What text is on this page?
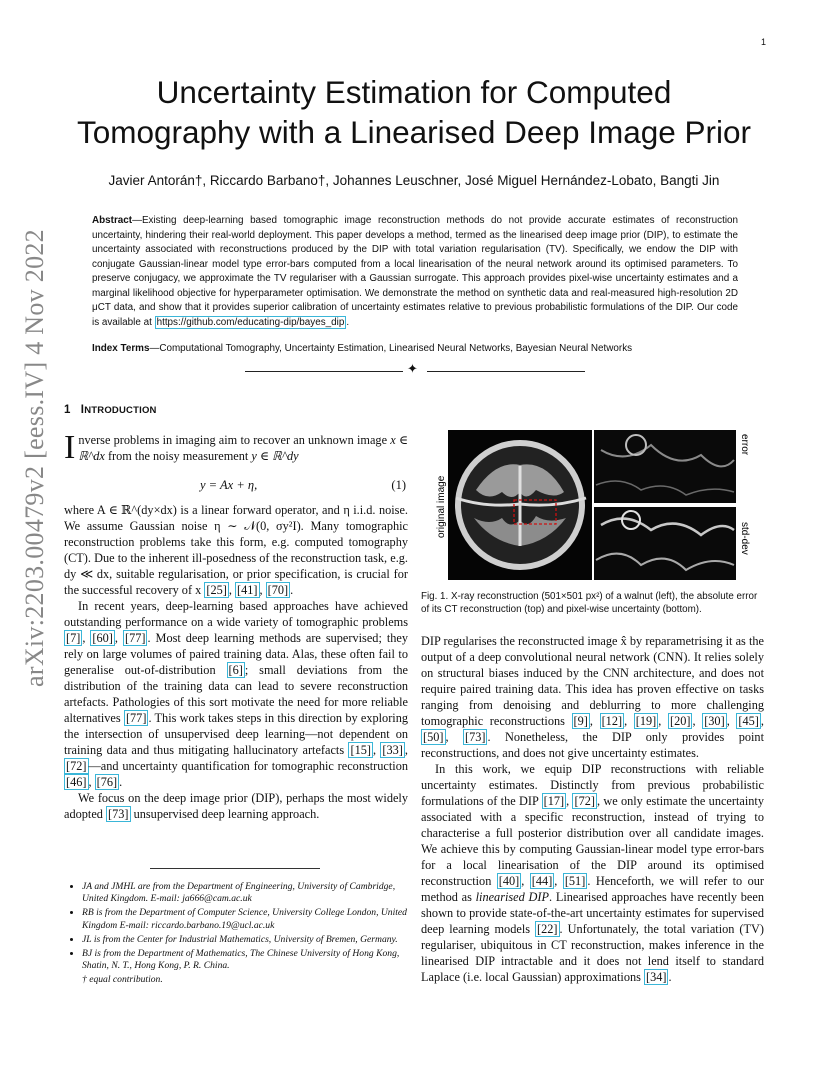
1
arXiv:2203.00479v2 [eess.IV] 4 Nov 2022
Uncertainty Estimation for Computed
Tomography with a Linearised Deep Image Prior
Javier Antorán†, Riccardo Barbano†, Johannes Leuschner, José Miguel Hernández-Lobato, Bangti Jin
Abstract—Existing deep-learning based tomographic image reconstruction methods do not provide accurate estimates of reconstruction uncertainty, hindering their real-world deployment. This paper develops a method, termed as the linearised deep image prior (DIP), to estimate the uncertainty associated with reconstructions produced by the DIP with total variation regularisation (TV). Specifically, we endow the DIP with conjugate Gaussian-linear model type error-bars computed from a local linearisation of the neural network around its optimised parameters. To preserve conjugacy, we approximate the TV regulariser with a Gaussian surrogate. This approach provides pixel-wise uncertainty estimates and a marginal likelihood objective for hyperparameter optimisation. We demonstrate the method on synthetic data and real-measured high-resolution 2D μCT data, and show that it provides superior calibration of uncertainty estimates relative to previous probabilistic formulations of the DIP. Our code is available at https://github.com/educating-dip/bayes_dip .
Index Terms—Computational Tomography, Uncertainty Estimation, Linearised Neural Networks, Bayesian Neural Networks
✦
1 INTRODUCTION

Inverse problems in imaging aim to recover an unknown image x ∈ ℝ^dx from the noisy measurement y ∈ ℝ^dy

y = Ax + η,	(1)

where A ∈ ℝ^(dy×dx) is a linear forward operator, and η i.i.d. noise. We assume Gaussian noise η ∼ 𝒩(0, σy²I). Many tomographic reconstruction problems take this form, e.g. computed tomography (CT). Due to the inherent ill-posedness of the reconstruction task, e.g. dy ≪ dx, suitable regularisation, or prior specification, is crucial for the successful recovery of x [25] , [41] , [70] .

In recent years, deep-learning based approaches have achieved outstanding performance on a wide variety of tomographic problems [7] , [60] , [77] . Most deep learning methods are supervised; they rely on large volumes of paired training data. Alas, these often fail to generalise out-of-distribution [6] ; small deviations from the distribution of the training data can lead to severe reconstruction artefacts. Pathologies of this sort motivate the need for more reliable alternatives [77] . This work takes steps in this direction by exploring the intersection of unsupervised deep learning—not dependent on training data and thus mitigating hallucinatory artefacts [15] , [33] , [72] —and uncertainty quantification for tomographic reconstruction [46] , [76] .

We focus on the deep image prior (DIP), perhaps the most widely adopted [73] unsupervised deep learning approach.

• JA and JMHL are from the Department of Engineering, University of Cambridge, United Kingdom. E-mail: ja666@cam.ac.uk
• RB is from the Department of Computer Science, University College London, United Kingdom E-mail: riccardo.barbano.19@ucl.ac.uk
• JL is from the Center for Industrial Mathematics, University of Bremen, Germany.
• BJ is from the Department of Mathematics, The Chinese University of Hong Kong, Shatin, N. T., Hong Kong, P. R. China.
† equal contribution.
original image
error
std-dev
Fig. 1. X-ray reconstruction (501×501 px²) of a walnut (left), the absolute error of its CT reconstruction (top) and pixel-wise uncertainty (bottom).

DIP regularises the reconstructed image x̂ by reparametrising it as the output of a deep convolutional neural network (CNN). It relies solely on structural biases induced by the CNN architecture, and does not require paired training data. This idea has proven effective on tasks ranging from denoising and deblurring to more challenging tomographic reconstructions [9] , [12] , [19] , [20] , [30] , [45] , [50] , [73] . Nonetheless, the DIP only provides point reconstructions, and does not give uncertainty estimates.

In this work, we equip DIP reconstructions with reliable uncertainty estimates. Distinctly from previous probabilistic formulations of the DIP [17] , [72] , we only estimate the uncertainty associated with a specific reconstruction, instead of trying to characterise a full posterior distribution over all candidate images. We achieve this by computing Gaussian-linear model type error-bars for a local linearisation of the DIP around its optimised reconstruction [40] , [44] , [51] . Henceforth, we will refer to our method as linearised DIP. Linearised approaches have recently been shown to provide state-of-the-art uncertainty estimates for supervised deep learning models [22] . Unfortunately, the total variation (TV) regulariser, ubiquitous in CT reconstruction, makes inference in the linearised DIP intractable and it does not lend itself to standard Laplace (i.e. local Gaussian) approximations [34] .
